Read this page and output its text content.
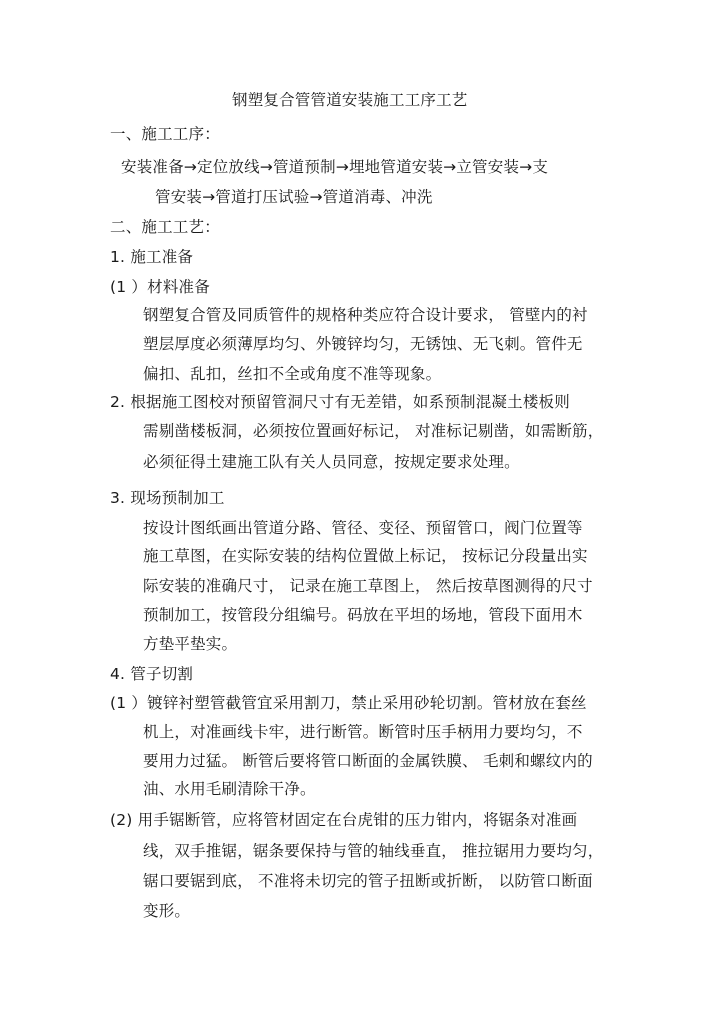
钢塑复合管管道安装施工工序工艺
一、施工工序：
安装准备→定位放线→管道预制→埋地管道安装→立管安装→支
管安装→管道打压试验→管道消毒、冲洗
二、施工工艺：
1. 施工准备
(1 ）材料准备
钢塑复合管及同质管件的规格种类应符合设计要求， 管壁内的衬
塑层厚度必须薄厚均匀、外镀锌均匀，无锈蚀、无飞刺。管件无
偏扣、乱扣，丝扣不全或角度不准等现象。
2. 根据施工图校对预留管洞尺寸有无差错，如系预制混凝土楼板则
需剔凿楼板洞，必须按位置画好标记， 对准标记剔凿，如需断筋，
必须征得土建施工队有关人员同意，按规定要求处理。
3. 现场预制加工
按设计图纸画出管道分路、管径、变径、预留管口，阀门位置等
施工草图，在实际安装的结构位置做上标记， 按标记分段量出实
际安装的准确尺寸， 记录在施工草图上， 然后按草图测得的尺寸
预制加工，按管段分组编号。码放在平坦的场地，管段下面用木
方垫平垫实。
4. 管子切割
(1 ）镀锌衬塑管截管宜采用割刀，禁止采用砂轮切割。管材放在套丝
机上，对准画线卡牢，进行断管。断管时压手柄用力要均匀，不
要用力过猛。 断管后要将管口断面的金属铁膜、 毛刺和螺纹内的
油、水用毛刷清除干净。
(2) 用手锯断管，应将管材固定在台虎钳的压力钳内，将锯条对准画
线，双手推锯，锯条要保持与管的轴线垂直， 推拉锯用力要均匀，
锯口要锯到底， 不准将未切完的管子扭断或折断， 以防管口断面
变形。
